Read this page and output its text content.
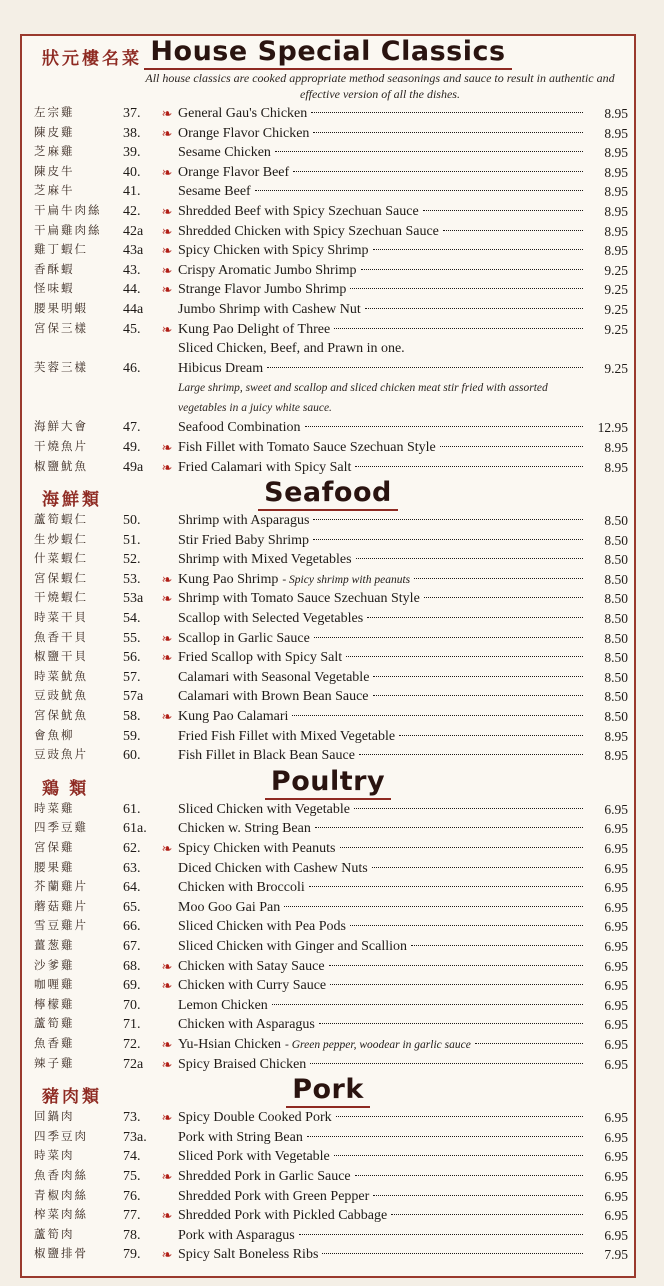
House Special Classics
狀元樓名菜
All house classics are cooked appropriate method seasonings and sauce to result in authentic and effective version of all the dishes.
左宗雞	37.	❧ General Gau's Chicken	8.95
陳皮雞	38.	❧ Orange Flavor Chicken	8.95
芝麻雞	39.	Sesame Chicken	8.95
陳皮牛	40.	❧ Orange Flavor Beef	8.95
芝麻牛	41.	Sesame Beef	8.95
干扁牛肉絲	42.	❧ Shredded Beef with Spicy Szechuan Sauce	8.95
干扁雞肉絲	42a	❧ Shredded Chicken with Spicy Szechuan Sauce	8.95
雞丁蝦仁	43a	❧ Spicy Chicken with Spicy Shrimp	8.95
香酥蝦	43.	❧ Crispy Aromatic Jumbo Shrimp	9.25
怪味蝦	44.	❧ Strange Flavor Jumbo Shrimp	9.25
腰果明蝦	44a	Jumbo Shrimp with Cashew Nut	9.25
宮保三樣	45.	❧ Kung Pao Delight of Three	9.25
Sliced Chicken, Beef, and Prawn in one.
芙蓉三樣	46.	Hibicus Dream	9.25
Large shrimp, sweet and scallop and sliced chicken meat stir fried with assorted vegetables in a juicy white sauce.
海鮮大會	47.	Seafood Combination	12.95
干燒魚片	49.	❧ Fish Fillet with Tomato Sauce Szechuan Style	8.95
椒鹽魷魚	49a	❧ Fried Calamari with Spicy Salt	8.95
Seafood
海鮮類
蘆筍蝦仁	50.	Shrimp with Asparagus	8.50
生炒蝦仁	51.	Stir Fried Baby Shrimp	8.50
什菜蝦仁	52.	Shrimp with Mixed Vegetables	8.50
宮保蝦仁	53.	❧ Kung Pao Shrimp - Spicy shrimp with peanuts	8.50
干燒蝦仁	53a	❧ Shrimp with Tomato Sauce Szechuan Style	8.50
時菜干貝	54.	Scallop with Selected Vegetables	8.50
魚香干貝	55.	❧ Scallop in Garlic Sauce	8.50
椒鹽干貝	56.	❧ Fried Scallop with Spicy Salt	8.50
時菜魷魚	57.	Calamari with Seasonal Vegetable	8.50
豆豉魷魚	57a	Calamari with Brown Bean Sauce	8.50
宮保魷魚	58.	❧ Kung Pao Calamari	8.50
會魚柳	59.	Fried Fish Fillet with Mixed Vegetable	8.95
豆豉魚片	60.	Fish Fillet in Black Bean Sauce	8.95
Poultry
鶏 類
時菜雞	61.	Sliced Chicken with Vegetable	6.95
四季豆雞	61a.	Chicken w. String Bean	6.95
宮保雞	62.	❧ Spicy Chicken with Peanuts	6.95
腰果雞	63.	Diced Chicken with Cashew Nuts	6.95
芥蘭雞片	64.	Chicken with Broccoli	6.95
蘑菇雞片	65.	Moo Goo Gai Pan	6.95
雪豆雞片	66.	Sliced Chicken with Pea Pods	6.95
薑葱雞	67.	Sliced Chicken with Ginger and Scallion	6.95
沙爹雞	68.	❧ Chicken with Satay Sauce	6.95
咖喱雞	69.	❧ Chicken with Curry Sauce	6.95
檸檬雞	70.	Lemon Chicken	6.95
蘆筍雞	71.	Chicken with Asparagus	6.95
魚香雞	72.	❧ Yu-Hsian Chicken - Green pepper, woodear in garlic sauce	6.95
辣子雞	72a	❧ Spicy Braised Chicken	6.95
Pork
豬肉類
回鍋肉	73.	❧ Spicy Double Cooked Pork	6.95
四季豆肉	73a.	Pork with String Bean	6.95
時菜肉	74.	Sliced Pork with Vegetable	6.95
魚香肉絲	75.	❧ Shredded Pork in Garlic Sauce	6.95
青椒肉絲	76.	Shredded Pork with Green Pepper	6.95
榨菜肉絲	77.	❧ Shredded Pork with Pickled Cabbage	6.95
蘆筍肉	78.	Pork with Asparagus	6.95
椒鹽排骨	79.	❧ Spicy Salt Boneless Ribs	7.95
